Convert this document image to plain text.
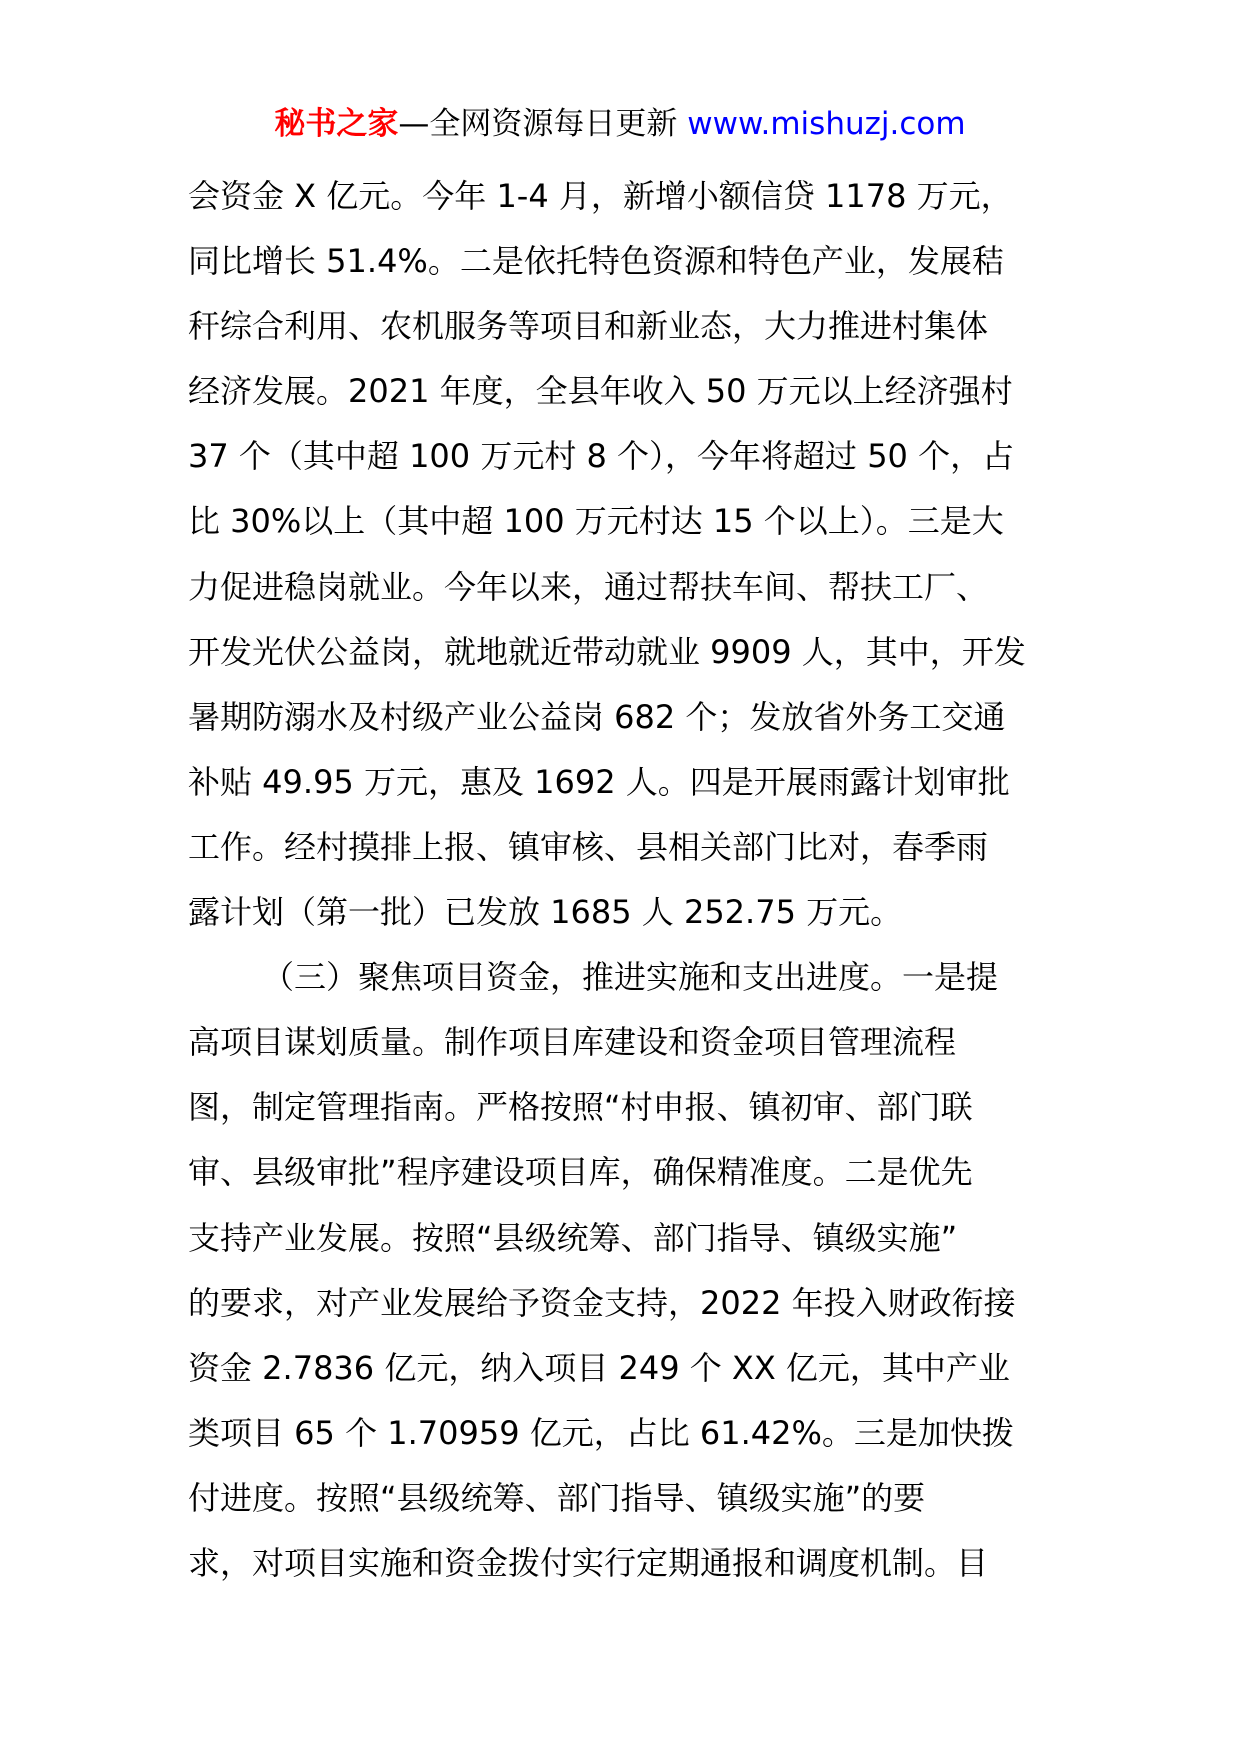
秘书之家—全网资源每日更新 www.mishuzj.com
会资金 X 亿元。今年 1-4 月，新增小额信贷 1178 万元，
同比增长 51.4%。二是依托特色资源和特色产业，发展秸
秆综合利用、农机服务等项目和新业态，大力推进村集体
经济发展。2021 年度，全县年收入 50 万元以上经济强村
37 个（其中超 100 万元村 8 个），今年将超过 50 个，占
比 30%以上（其中超 100 万元村达 15 个以上）。三是大
力促进稳岗就业。今年以来，通过帮扶车间、帮扶工厂、
开发光伏公益岗，就地就近带动就业 9909 人，其中，开发
暑期防溺水及村级产业公益岗 682 个；发放省外务工交通
补贴 49.95 万元，惠及 1692 人。四是开展雨露计划审批
工作。经村摸排上报、镇审核、县相关部门比对，春季雨
露计划（第一批）已发放 1685 人 252.75 万元。
（三）聚焦项目资金，推进实施和支出进度。一是提
高项目谋划质量。制作项目库建设和资金项目管理流程
图，制定管理指南。严格按照“村申报、镇初审、部门联
审、县级审批”程序建设项目库，确保精准度。二是优先
支持产业发展。按照“县级统筹、部门指导、镇级实施”
的要求，对产业发展给予资金支持，2022 年投入财政衔接
资金 2.7836 亿元，纳入项目 249 个 XX 亿元，其中产业
类项目 65 个 1.70959 亿元，占比 61.42%。三是加快拨
付进度。按照“县级统筹、部门指导、镇级实施”的要
求，对项目实施和资金拨付实行定期通报和调度机制。目
